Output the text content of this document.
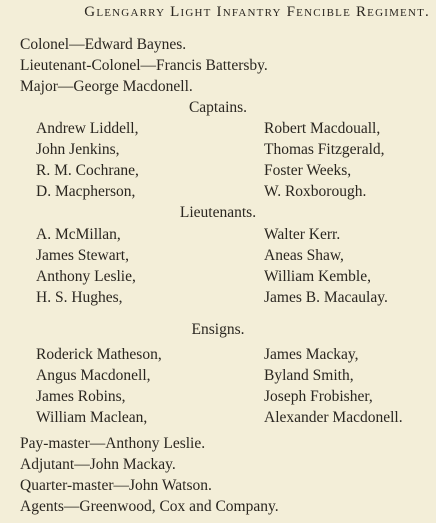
Glengarry Light Infantry Fencible Regiment.
Colonel—Edward Baynes.
Lieutenant-Colonel—Francis Battersby.
Major—George Macdonell.
Captains.
Andrew Liddell,	Robert Macdouall,
John Jenkins,	Thomas Fitzgerald,
R. M. Cochrane,	Foster Weeks,
D. Macpherson,	W. Roxborough.
Lieutenants.
A. McMillan,	Walter Kerr.
James Stewart,	Aneas Shaw,
Anthony Leslie,	William Kemble,
H. S. Hughes,	James B. Macaulay.
Ensigns.
Roderick Matheson,	James Mackay,
Angus Macdonell,	Byland Smith,
James Robins,	Joseph Frobisher,
William Maclean,	Alexander Macdonell.
Pay-master—Anthony Leslie.
Adjutant—John Mackay.
Quarter-master—John Watson.
Agents—Greenwood, Cox and Company.
